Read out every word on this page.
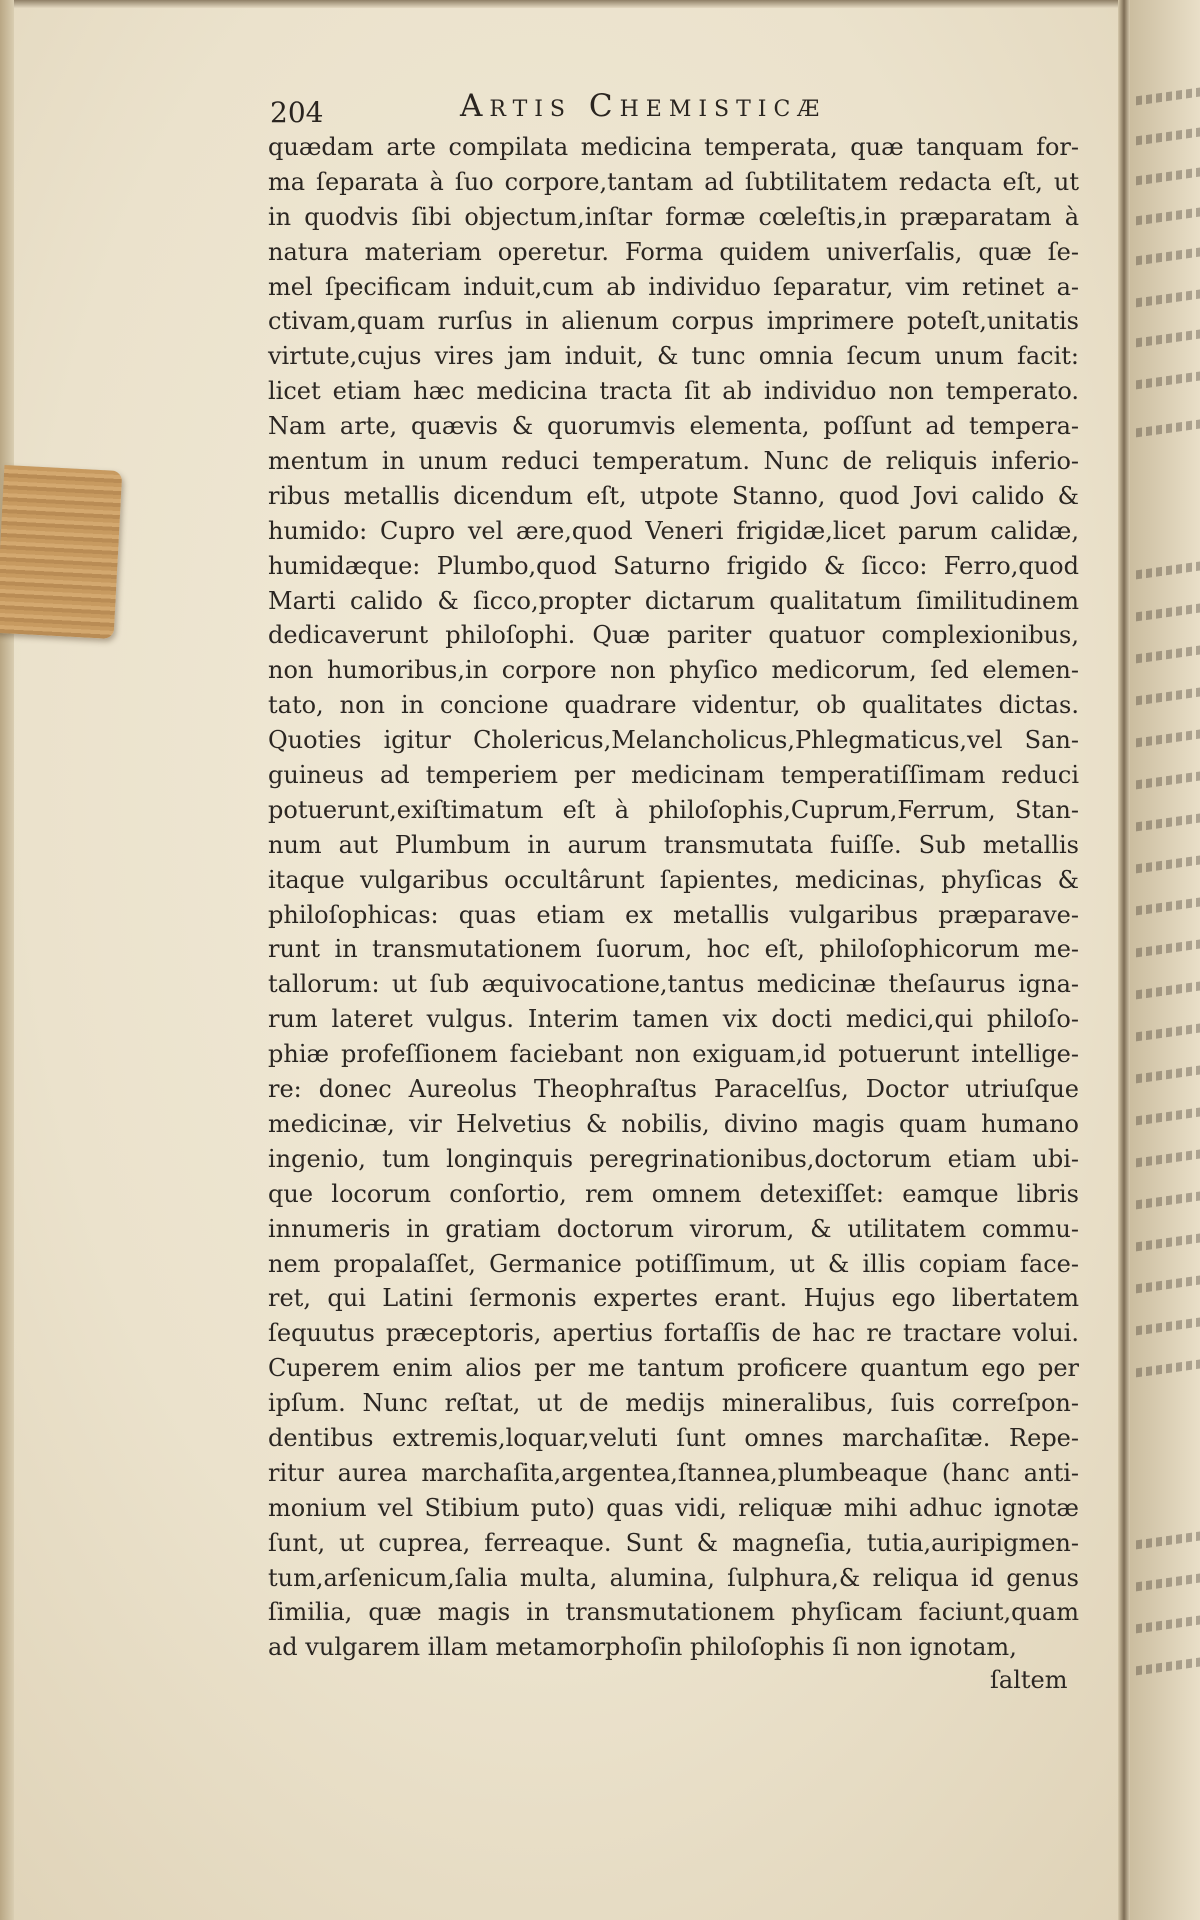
204	Artis Chemisticæ
quædam arte compilata medicina temperata, quæ tanquam for-
ma ſeparata à ſuo corpore,tantam ad ſubtilitatem redacta eſt, ut
in quodvis ſibi objectum,inſtar formæ cœleſtis,in præparatam à
natura materiam operetur. Forma quidem univerſalis, quæ ſe-
mel ſpecificam induit,cum ab individuo ſeparatur, vim retinet a-
ctivam,quam rurſus in alienum corpus imprimere poteſt,unitatis
virtute,cujus vires jam induit, & tunc omnia ſecum unum facit:
licet etiam hæc medicina tracta ſit ab individuo non temperato.
Nam arte, quævis & quorumvis elementa, poſſunt ad tempera-
mentum in unum reduci temperatum. Nunc de reliquis inferio-
ribus metallis dicendum eſt, utpote Stanno, quod Jovi calido &
humido: Cupro vel ære,quod Veneri frigidæ,licet parum calidæ,
humidæque: Plumbo,quod Saturno frigido & ſicco: Ferro,quod
Marti calido & ſicco,propter dictarum qualitatum ſimilitudinem
dedicaverunt philoſophi. Quæ pariter quatuor complexionibus,
non humoribus,in corpore non phyſico medicorum, ſed elemen-
tato, non in concione quadrare videntur, ob qualitates dictas.
Quoties igitur Cholericus,Melancholicus,Phlegmaticus,vel San-
guineus ad temperiem per medicinam temperatiſſimam reduci
potuerunt,exiſtimatum eſt à philoſophis,Cuprum,Ferrum, Stan-
num aut Plumbum in aurum transmutata fuiſſe. Sub metallis
itaque vulgaribus occultârunt ſapientes, medicinas, phyſicas &
philoſophicas: quas etiam ex metallis vulgaribus præparave-
runt in transmutationem ſuorum, hoc eſt, philoſophicorum me-
tallorum: ut ſub æquivocatione,tantus medicinæ theſaurus igna-
rum lateret vulgus. Interim tamen vix docti medici,qui philoſo-
phiæ profeſſionem faciebant non exiguam,id potuerunt intellige-
re: donec Aureolus Theophraſtus Paracelſus, Doctor utriuſque
medicinæ, vir Helvetius & nobilis, divino magis quam humano
ingenio, tum longinquis peregrinationibus,doctorum etiam ubi-
que locorum conſortio, rem omnem detexiſſet: eamque libris
innumeris in gratiam doctorum virorum, & utilitatem commu-
nem propalaſſet, Germanice potiſſimum, ut & illis copiam face-
ret, qui Latini ſermonis expertes erant. Hujus ego libertatem
ſequutus præceptoris, apertius fortaſſis de hac re tractare volui.
Cuperem enim alios per me tantum proficere quantum ego per
ipſum. Nunc reſtat, ut de medijs mineralibus, ſuis correſpon-
dentibus extremis,loquar,veluti ſunt omnes marchaſitæ. Repe-
ritur aurea marchaſita,argentea,ſtannea,plumbeaque (hanc anti-
monium vel Stibium puto) quas vidi, reliquæ mihi adhuc ignotæ
ſunt, ut cuprea, ferreaque. Sunt & magneſia, tutia,auripigmen-
tum,arſenicum,ſalia multa, alumina, ſulphura,& reliqua id genus
ſimilia, quæ magis in transmutationem phyſicam faciunt,quam
ad vulgarem illam metamorphoſin philoſophis ſi non ignotam,
ſaltem
